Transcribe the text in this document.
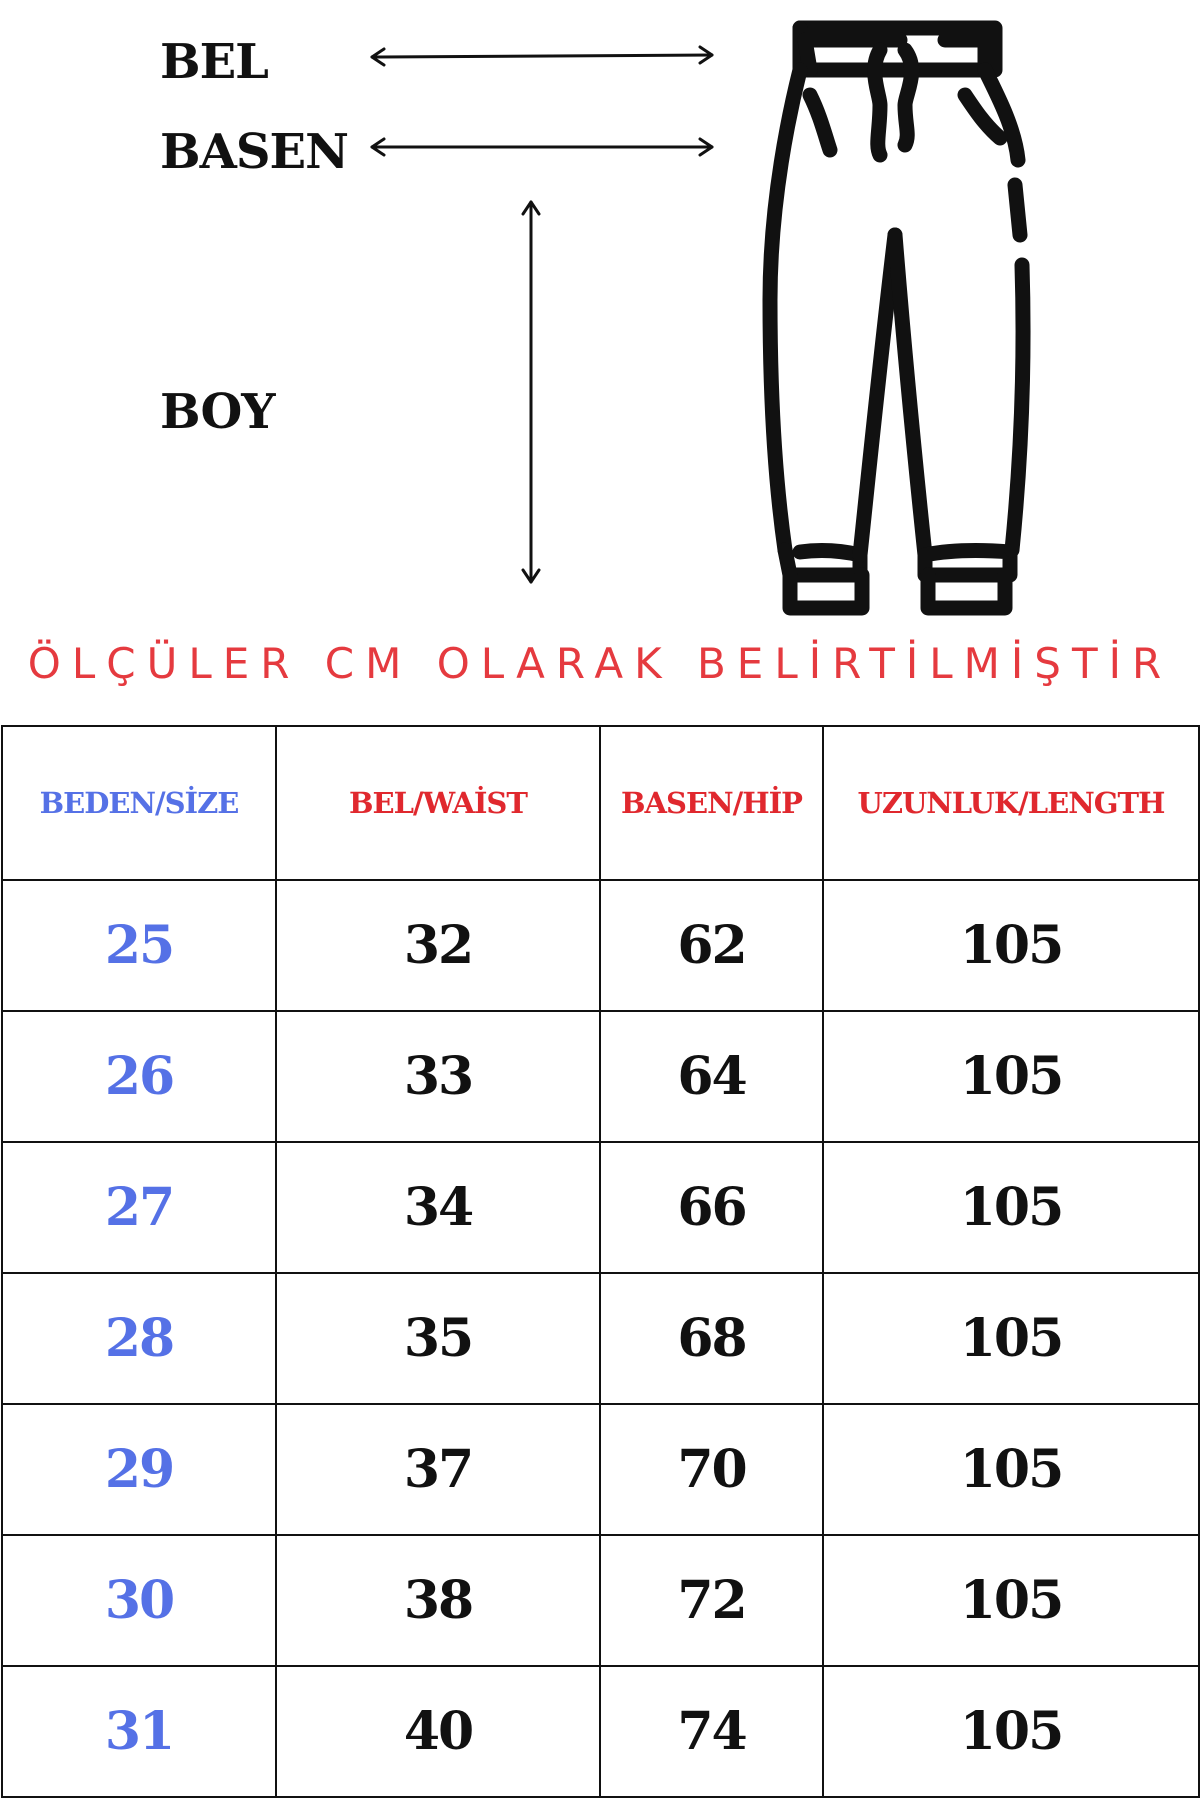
BEL
BASEN
BOY
ÖLÇÜLER CM OLARAK BELİRTİLMİŞTİR
BEDEN/SİZE	BEL/WAİST	BASEN/HİP	UZUNLUK/LENGTH
25	32	62	105
26	33	64	105
27	34	66	105
28	35	68	105
29	37	70	105
30	38	72	105
31	40	74	105
